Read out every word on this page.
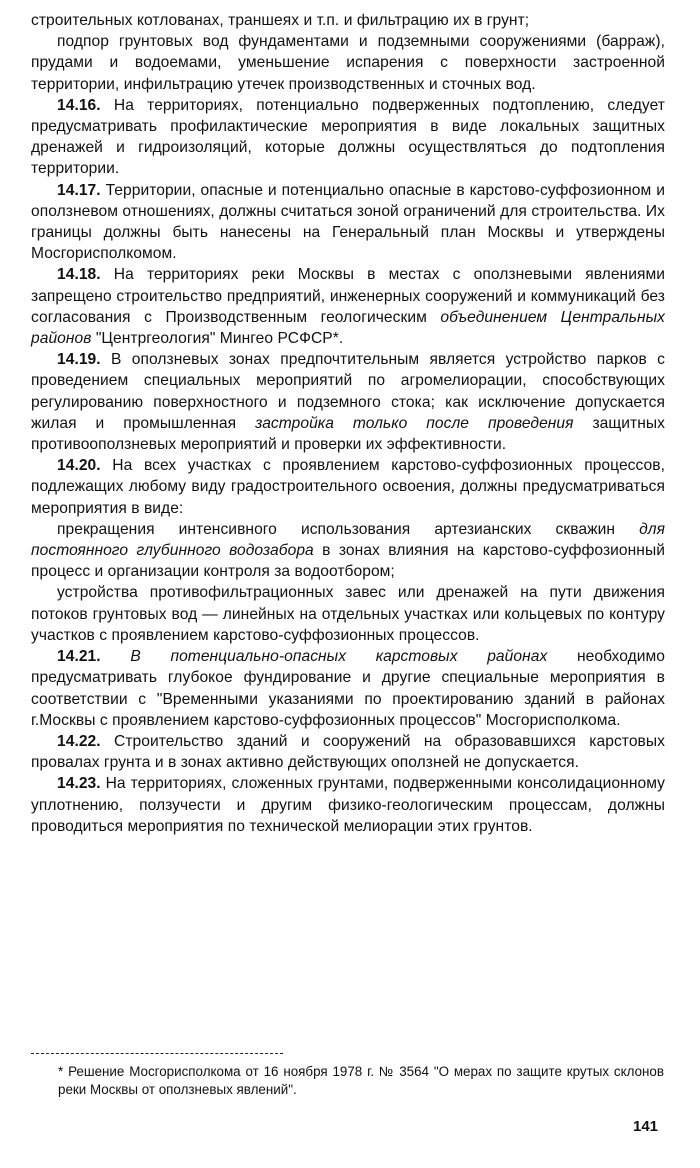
строительных котлованах, траншеях и т.п. и фильтрацию их в грунт;

подпор грунтовых вод фундаментами и подземными сооружениями (барраж), прудами и водоемами, уменьшение испарения с поверхности застроенной территории, инфильтрацию утечек производственных и сточных вод.

14.16. На территориях, потенциально подверженных подтоплению, следует предусматривать профилактические мероприятия в виде локальных защитных дренажей и гидроизоляций, которые должны осуществляться до подтопления территории.

14.17. Территории, опасные и потенциально опасные в карстово-суффозионном и оползневом отношениях, должны считаться зоной ограничений для строительства. Их границы должны быть нанесены на Генеральный план Москвы и утверждены Мосгорисполкомом.

14.18. На территориях реки Москвы в местах с оползневыми явлениями запрещено строительство предприятий, инженерных сооружений и коммуникаций без согласования с Производственным геологическим объединением Центральных районов "Центргеология" Мингео РСФСР*.

14.19. В оползневых зонах предпочтительным является устройство парков с проведением специальных мероприятий по агромелиорации, способствующих регулированию поверхностного и подземного стока; как исключение допускается жилая и промышленная застройка только после проведения защитных противооползневых мероприятий и проверки их эффективности.

14.20. На всех участках с проявлением карстово-суффозионных процессов, подлежащих любому виду градостроительного освоения, должны предусматриваться мероприятия в виде:

прекращения интенсивного использования артезианских скважин для постоянного глубинного водозабора в зонах влияния на карстово-суффозионный процесс и организации контроля за водоотбором;

устройства противофильтрационных завес или дренажей на пути движения потоков грунтовых вод — линейных на отдельных участках или кольцевых по контуру участков с проявлением карстово-суффозионных процессов.

14.21. В потенциально-опасных карстовых районах необходимо предусматривать глубокое фундирование и другие специальные мероприятия в соответствии с "Временными указаниями по проектированию зданий в районах г.Москвы с проявлением карстово-суффозионных процессов" Мосгорисполкома.

14.22. Строительство зданий и сооружений на образовавшихся карстовых провалах грунта и в зонах активно действующих оползней не допускается.

14.23. На территориях, сложенных грунтами, подверженными консолидационному уплотнению, ползучести и другим физико-геологическим процессам, должны проводиться мероприятия по технической мелиорации этих грунтов.

* Решение Мосгорисполкома от 16 ноября 1978 г. № 3564 "О мерах по защите крутых склонов реки Москвы от оползневых явлений".
141
